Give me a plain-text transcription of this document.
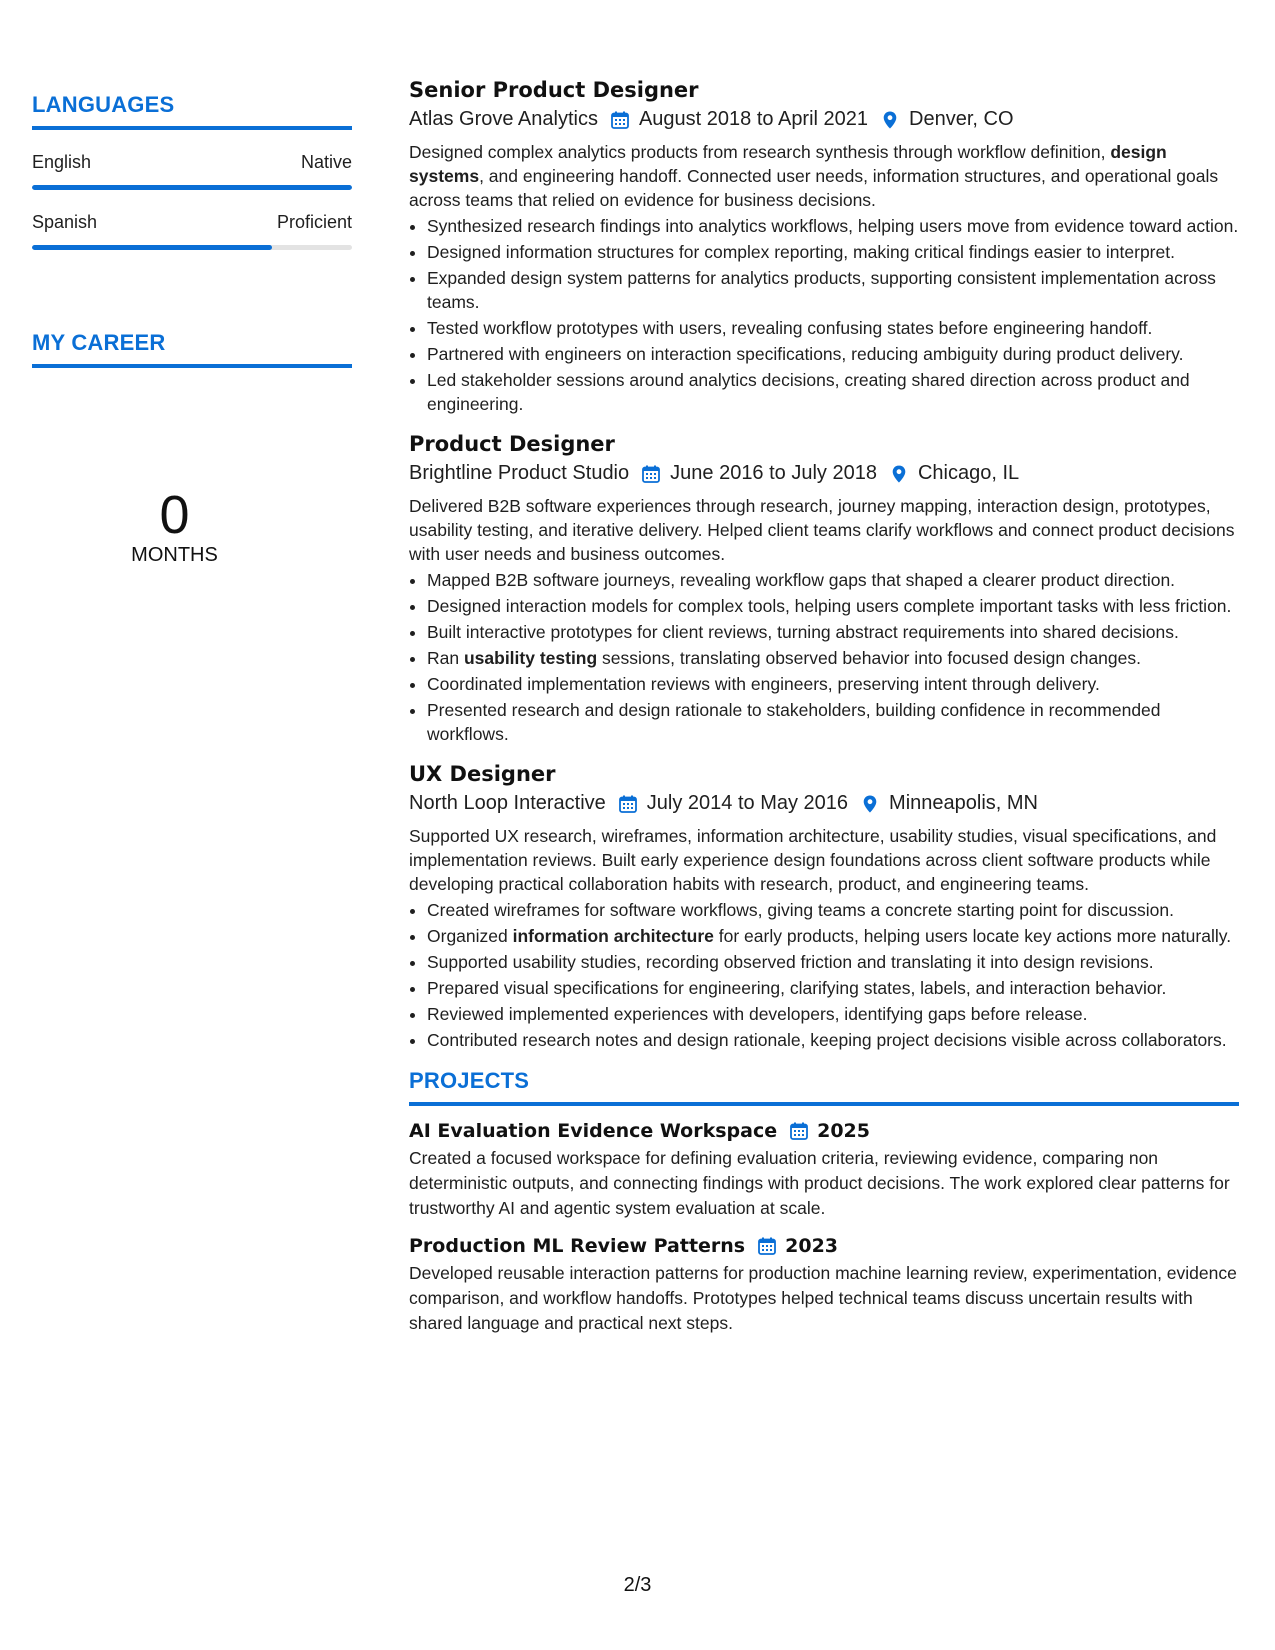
LANGUAGES
English	Native
Spanish	Proficient
MY CAREER
0
MONTHS
Senior Product Designer
Atlas Grove Analytics August 2018 to April 2021 Denver, CO

Designed complex analytics products from research synthesis through workflow definition, design systems, and engineering handoff. Connected user needs, information structures, and operational goals across teams that relied on evidence for business decisions.

• Synthesized research findings into analytics workflows, helping users move from evidence toward action.
• Designed information structures for complex reporting, making critical findings easier to interpret.
• Expanded design system patterns for analytics products, supporting consistent implementation across teams.
• Tested workflow prototypes with users, revealing confusing states before engineering handoff.
• Partnered with engineers on interaction specifications, reducing ambiguity during product delivery.
• Led stakeholder sessions around analytics decisions, creating shared direction across product and engineering.
Product Designer
Brightline Product Studio June 2016 to July 2018 Chicago, IL

Delivered B2B software experiences through research, journey mapping, interaction design, prototypes, usability testing, and iterative delivery. Helped client teams clarify workflows and connect product decisions with user needs and business outcomes.

• Mapped B2B software journeys, revealing workflow gaps that shaped a clearer product direction.
• Designed interaction models for complex tools, helping users complete important tasks with less friction.
• Built interactive prototypes for client reviews, turning abstract requirements into shared decisions.
• Ran usability testing sessions, translating observed behavior into focused design changes.
• Coordinated implementation reviews with engineers, preserving intent through delivery.
• Presented research and design rationale to stakeholders, building confidence in recommended workflows.
UX Designer
North Loop Interactive July 2014 to May 2016 Minneapolis, MN

Supported UX research, wireframes, information architecture, usability studies, visual specifications, and implementation reviews. Built early experience design foundations across client software products while developing practical collaboration habits with research, product, and engineering teams.

• Created wireframes for software workflows, giving teams a concrete starting point for discussion.
• Organized information architecture for early products, helping users locate key actions more naturally.
• Supported usability studies, recording observed friction and translating it into design revisions.
• Prepared visual specifications for engineering, clarifying states, labels, and interaction behavior.
• Reviewed implemented experiences with developers, identifying gaps before release.
• Contributed research notes and design rationale, keeping project decisions visible across collaborators.
PROJECTS
AI Evaluation Evidence Workspace 2025

Created a focused workspace for defining evaluation criteria, reviewing evidence, comparing non deterministic outputs, and connecting findings with product decisions. The work explored clear patterns for trustworthy AI and agentic system evaluation at scale.

Production ML Review Patterns 2023

Developed reusable interaction patterns for production machine learning review, experimentation, evidence comparison, and workflow handoffs. Prototypes helped technical teams discuss uncertain results with shared language and practical next steps.

2/3
